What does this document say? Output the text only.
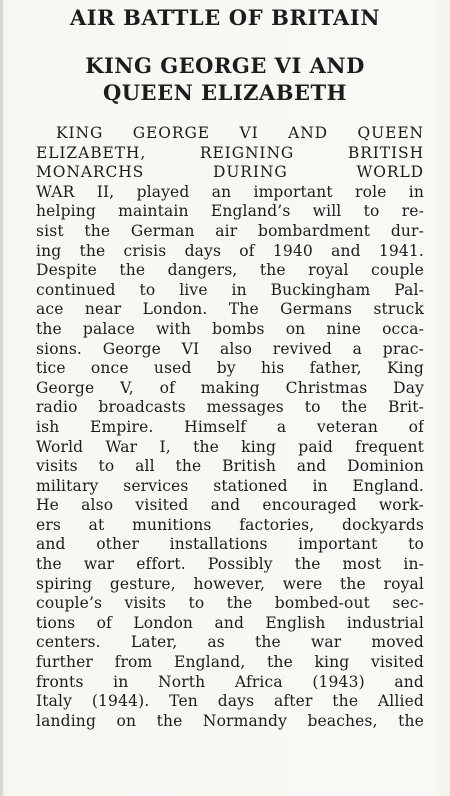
AIR BATTLE OF BRITAIN
KING GEORGE VI AND
QUEEN ELIZABETH
KING GEORGE VI AND QUEEN
ELIZABETH, REIGNING BRITISH
MONARCHS DURING WORLD
WAR II, played an important role in
helping maintain England’s will to re-
sist the German air bombardment dur-
ing the crisis days of 1940 and 1941.
Despite the dangers, the royal couple
continued to live in Buckingham Pal-
ace near London. The Germans struck
the palace with bombs on nine occa-
sions. George VI also revived a prac-
tice once used by his father, King
George V, of making Christmas Day
radio broadcasts messages to the Brit-
ish Empire. Himself a veteran of
World War I, the king paid frequent
visits to all the British and Dominion
military services stationed in England.
He also visited and encouraged work-
ers at munitions factories, dockyards
and other installations important to
the war effort. Possibly the most in-
spiring gesture, however, were the royal
couple’s visits to the bombed-out sec-
tions of London and English industrial
centers. Later, as the war moved
further from England, the king visited
fronts in North Africa (1943) and
Italy (1944). Ten days after the Allied
landing on the Normandy beaches, the
